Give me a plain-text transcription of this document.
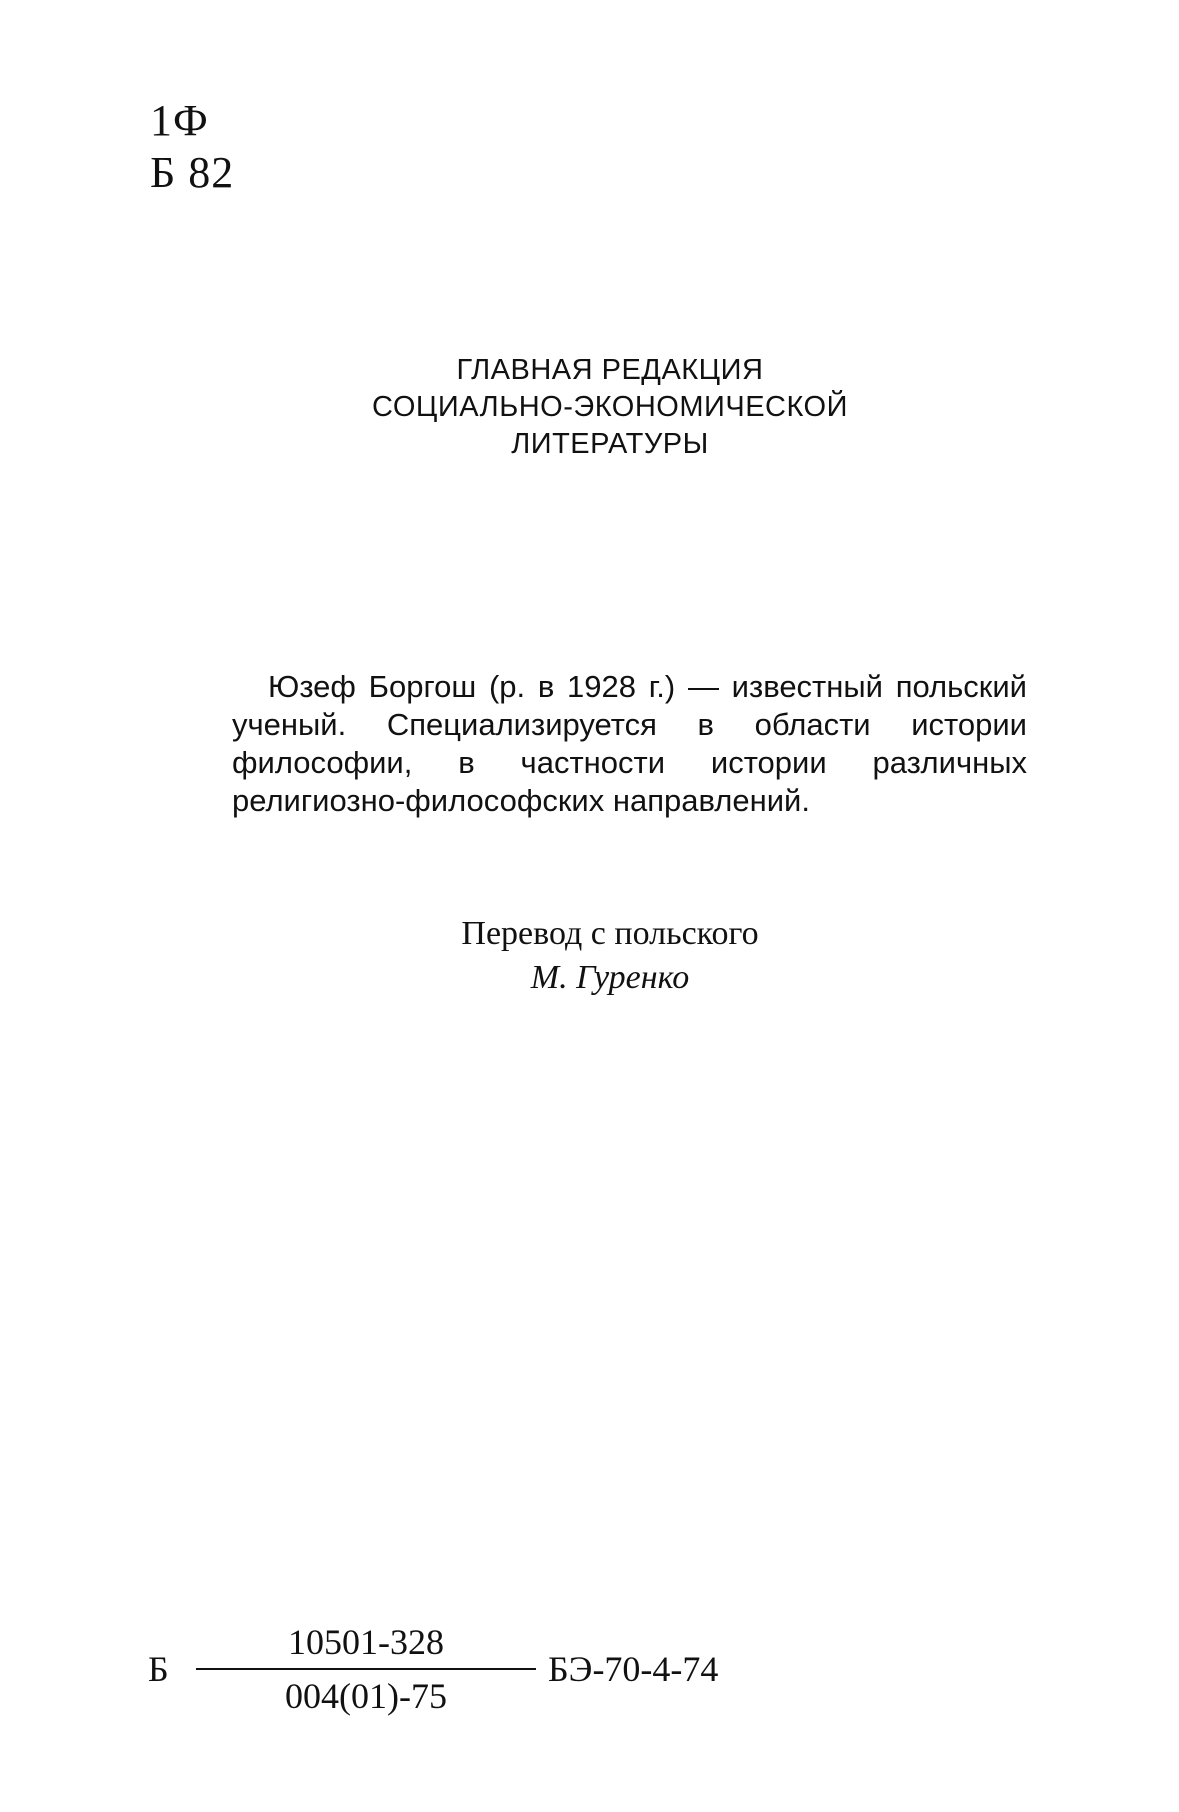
1Ф
Б 82
ГЛАВНАЯ РЕДАКЦИЯ
СОЦИАЛЬНО-ЭКОНОМИЧЕСКОЙ
ЛИТЕРАТУРЫ
Юзеф Боргош (р. в 1928 г.) — известный польский ученый. Специализируется в области истории философии, в частности истории различных религиозно-философских направлений.
Перевод с польского
М. Гуренко
Б
10501-328
004(01)-75
БЭ-70-4-74
